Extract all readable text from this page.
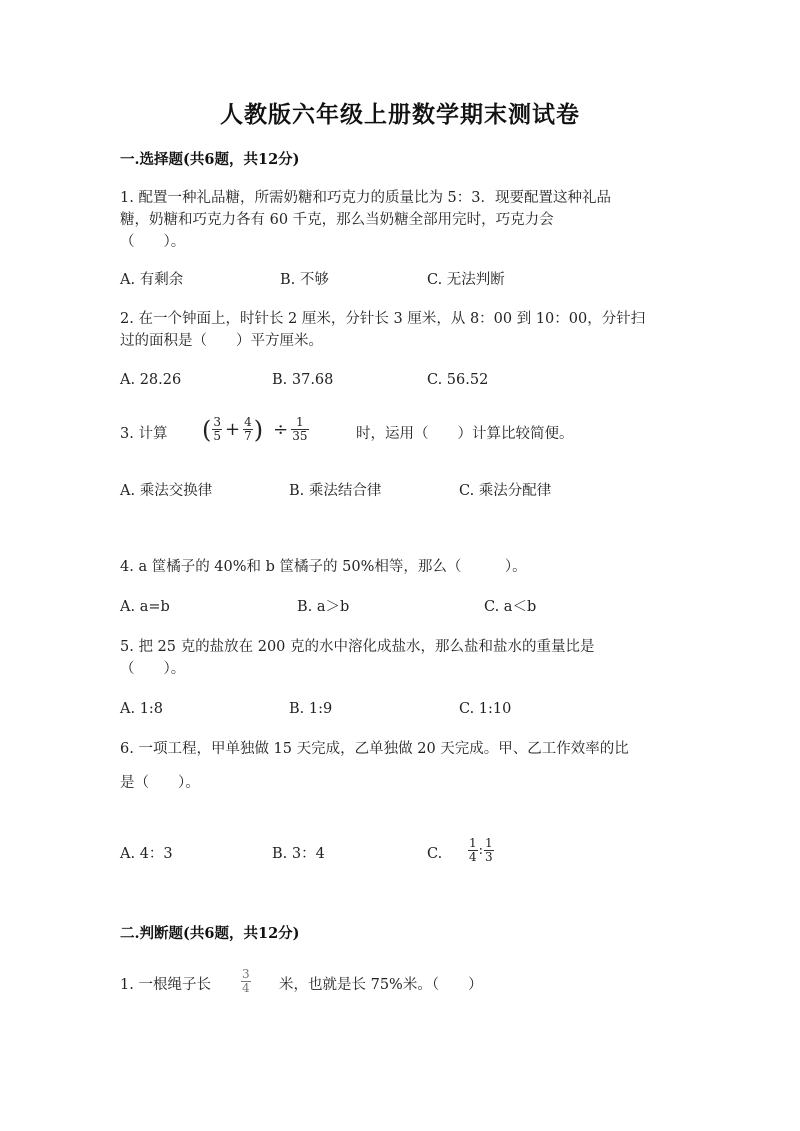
人教版六年级上册数学期末测试卷
一.选择题(共6题，共12分)
1. 配置一种礼品糖，所需奶糖和巧克力的质量比为 5：3．现要配置这种礼品
糖，奶糖和巧克力各有 60 千克，那么当奶糖全部用完时，巧克力会
（　　）。
A. 有剩余	B. 不够	C. 无法判断
2. 在一个钟面上，时针长 2 厘米，分针长 3 厘米，从 8：00 到 10：00，分针扫
过的面积是（　　）平方厘米。
A. 28.26	B. 37.68	C. 56.52
3. 计算 ( $\frac{3}{5} + \frac{4}{7}$ ) ÷ $\frac{1}{35}$	时，运用（　　）计算比较简便。
A. 乘法交换律	B. 乘法结合律	C. 乘法分配律
4. a 筐橘子的 40%和 b 筐橘子的 50%相等，那么（　　　）。
A. a=b	B. a＞b	C. a＜b
5. 把 25 克的盐放在 200 克的水中溶化成盐水，那么盐和盐水的重量比是
（　　）。
A. 1:8	B. 1:9	C. 1:10
6. 一项工程，甲单独做 15 天完成，乙单独做 20 天完成。甲、乙工作效率的比
是（　　）。
A. 4：3	B. 3：4	C. $\frac{1}{4}$ : $\frac{1}{3}$
二.判断题(共6题，共12分)
1. 一根绳子长	$\frac{3}{4}$ 米，也就是长 75%米。（　　）
